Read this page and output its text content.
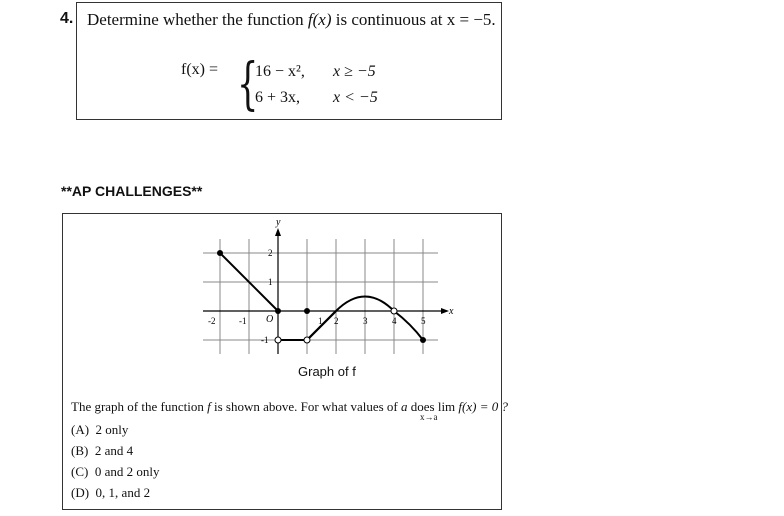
4. Determine whether the function f(x) is continuous at x = −5.
f(x) = {
16 − x², x ≥ −5
6 + 3x, x < −5
**AP CHALLENGES**
y
x
O
-2	-1	1 2	3	4	5
2
1
-1
Graph of f
The graph of the function f is shown above. For what values of a does lim f(x) = 0 ?
x→a
(A) 2 only
(B) 2 and 4
(C) 0 and 2 only
(D) 0, 1, and 2
